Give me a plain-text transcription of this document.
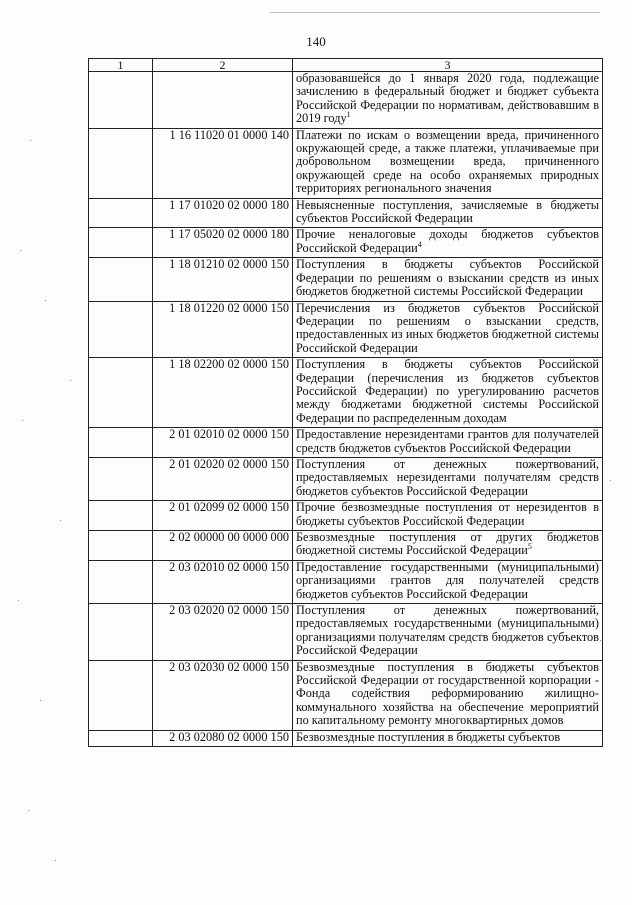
140
1	2	3
		образовавшейся до 1 января 2020 года, подлежащие зачислению в федеральный бюджет и бюджет субъекта Российской Федерации по нормативам, действовавшим в 2019 году$^1$
	1 16 11020 01 0000 140	Платежи по искам о возмещении вреда, причиненного окружающей среде, а также платежи, уплачиваемые при добровольном возмещении вреда, причиненного окружающей среде на особо охраняемых природных территориях регионального значения
	1 17 01020 02 0000 180	Невыясненные поступления, зачисляемые в бюджеты субъектов Российской Федерации
	1 17 05020 02 0000 180	Прочие неналоговые доходы бюджетов субъектов Российской Федерации$^4$
	1 18 01210 02 0000 150	Поступления в бюджеты субъектов Российской Федерации по решениям о взыскании средств из иных бюджетов бюджетной системы Российской Федерации
	1 18 01220 02 0000 150	Перечисления из бюджетов субъектов Российской Федерации по решениям о взыскании средств, предоставленных из иных бюджетов бюджетной системы Российской Федерации
	1 18 02200 02 0000 150	Поступления в бюджеты субъектов Российской Федерации (перечисления из бюджетов субъектов Российской Федерации) по урегулированию расчетов между бюджетами бюджетной системы Российской Федерации по распределенным доходам
	2 01 02010 02 0000 150	Предоставление нерезидентами грантов для получателей средств бюджетов субъектов Российской Федерации
	2 01 02020 02 0000 150	Поступления от денежных пожертвований, предоставляемых нерезидентами получателям средств бюджетов субъектов Российской Федерации
	2 01 02099 02 0000 150	Прочие безвозмездные поступления от нерезидентов в бюджеты субъектов Российской Федерации
	2 02 00000 00 0000 000	Безвозмездные поступления от других бюджетов бюджетной системы Российской Федерации$^5$
	2 03 02010 02 0000 150	Предоставление государственными (муниципальными) организациями грантов для получателей средств бюджетов субъектов Российской Федерации
	2 03 02020 02 0000 150	Поступления от денежных пожертвований, предоставляемых государственными (муниципальными) организациями получателям средств бюджетов субъектов Российской Федерации
	2 03 02030 02 0000 150	Безвозмездные поступления в бюджеты субъектов Российской Федерации от государственной корпорации - Фонда содействия реформированию жилищно-коммунального хозяйства на обеспечение мероприятий по капитальному ремонту многоквартирных домов
	2 03 02080 02 0000 150	Безвозмездные поступления в бюджеты субъектов
